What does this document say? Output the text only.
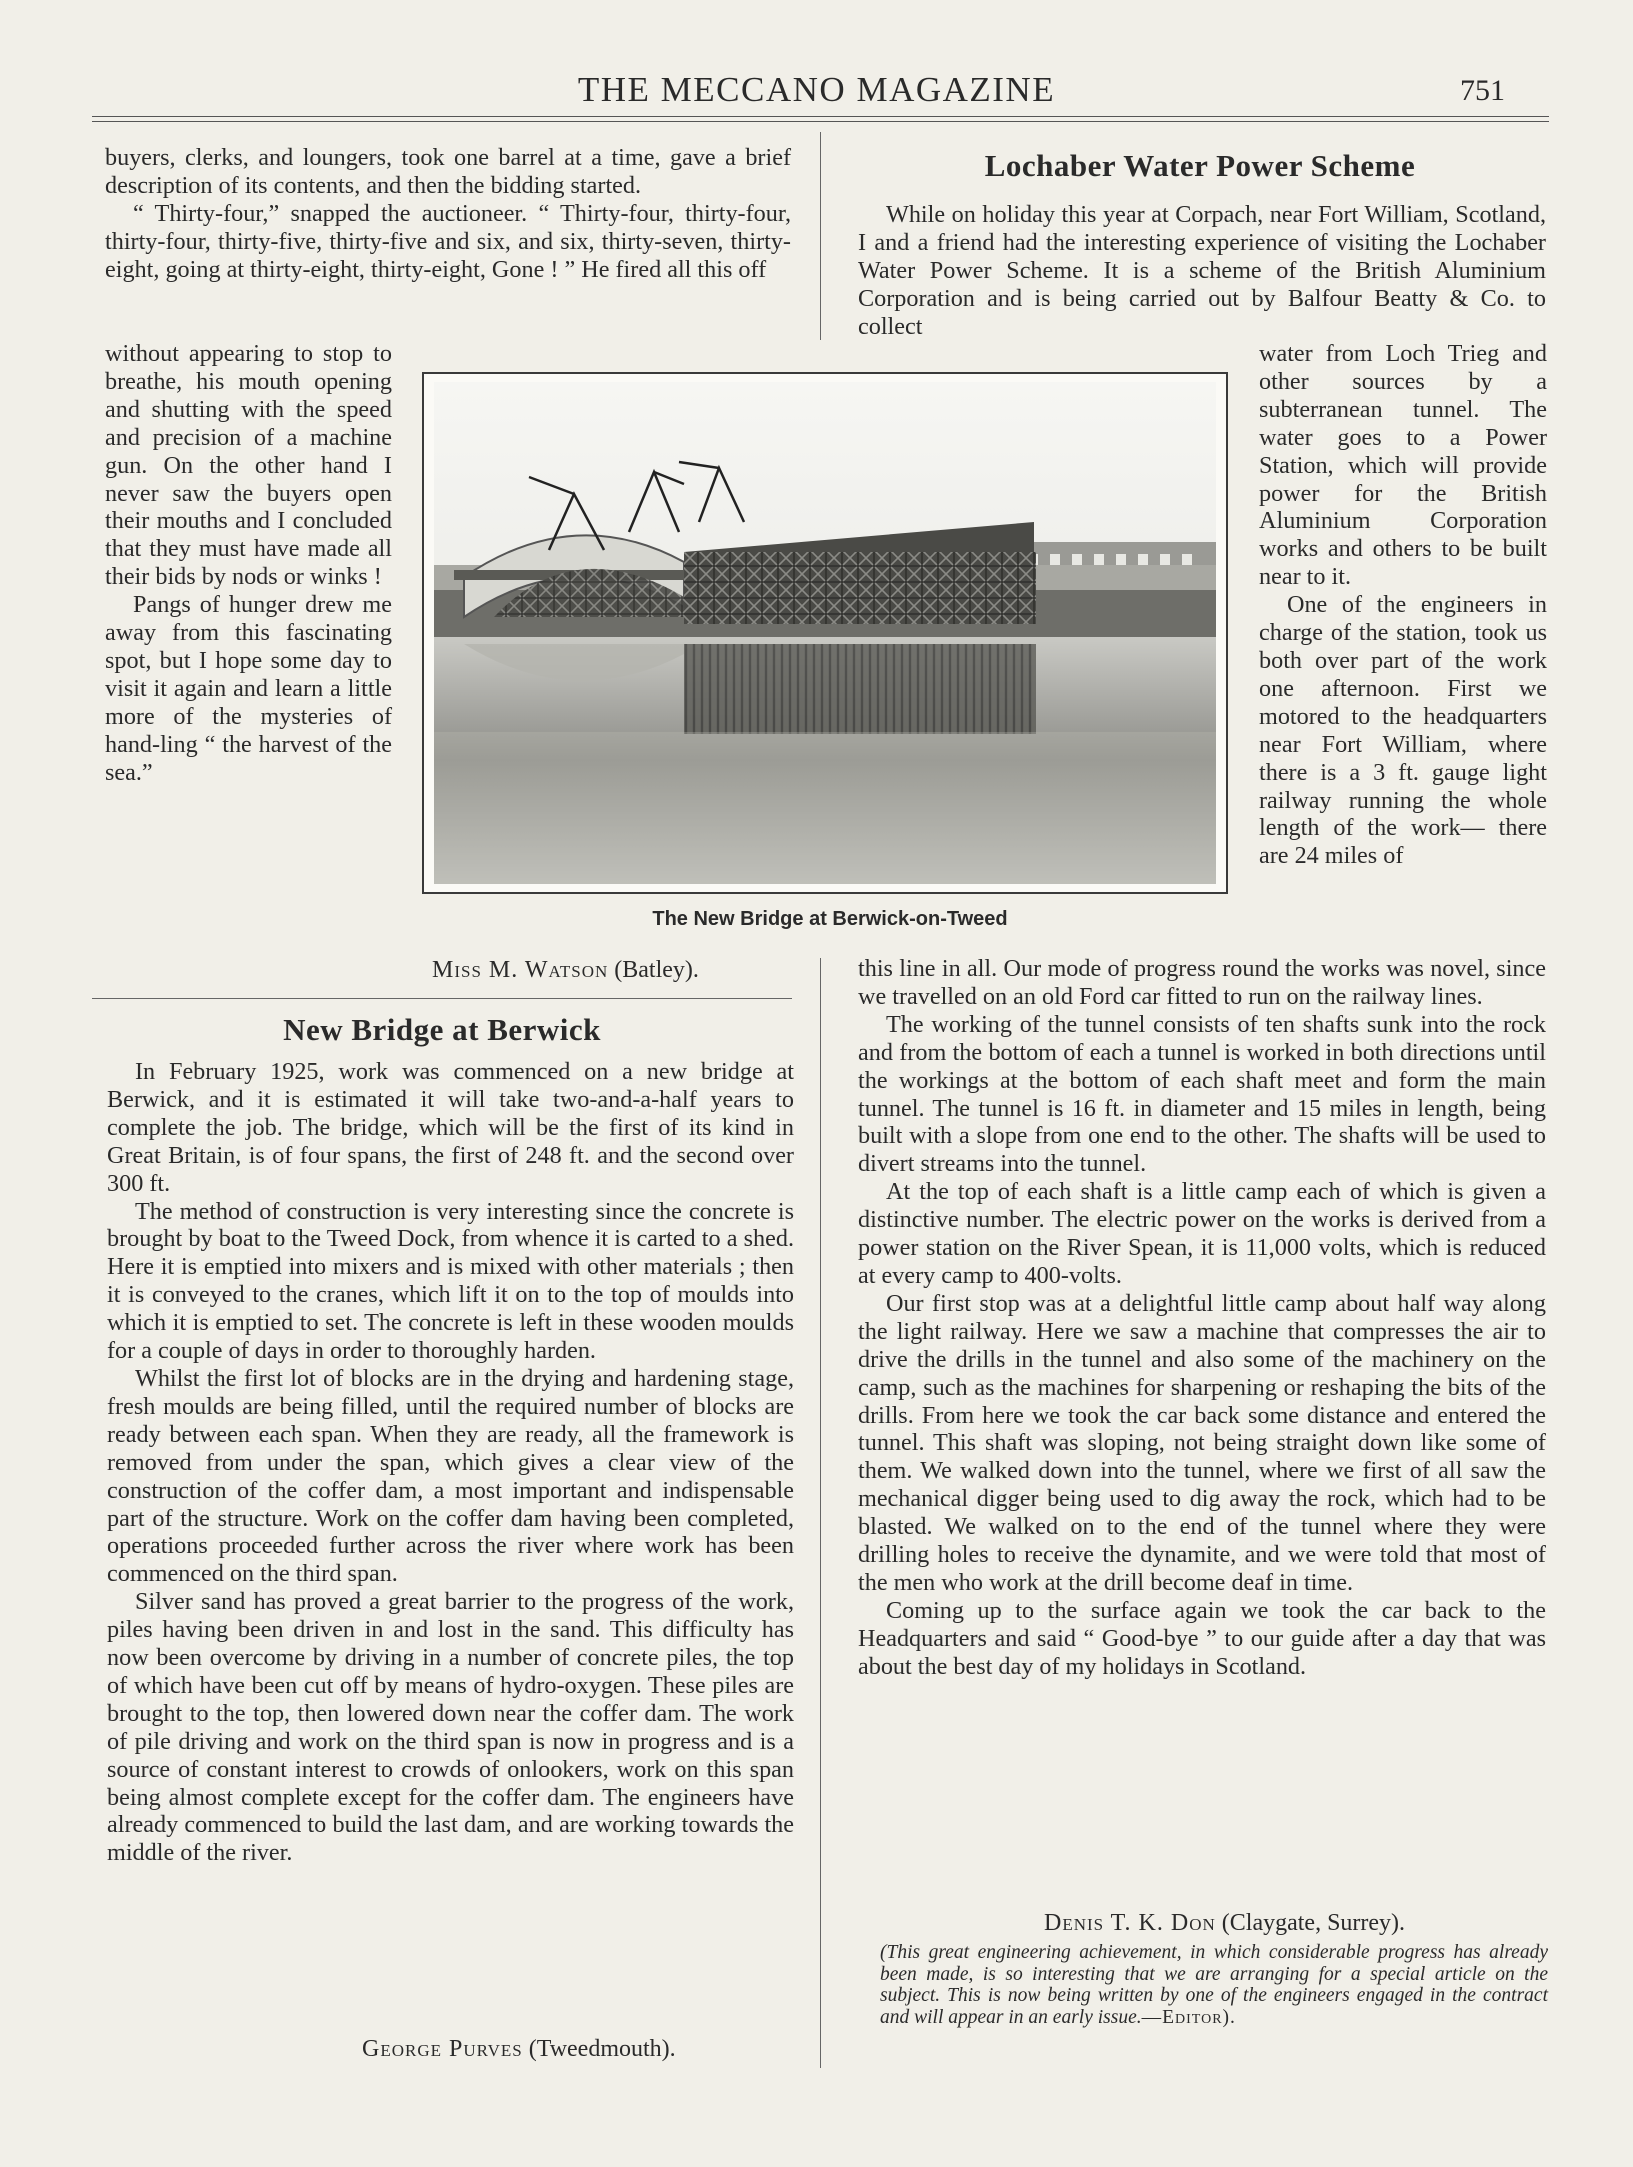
THE MECCANO MAGAZINE	751

buyers, clerks, and loungers, took one barrel at a time, gave a brief description of its contents, and then the bidding started.

“ Thirty-four,” snapped the auctioneer. “ Thirty-four, thirty-four, thirty-four, thirty-five, thirty-five and six, and six, thirty-seven, thirty-eight, going at thirty-eight, thirty-eight, Gone ! ” He fired all this off

without appearing to stop to breathe, his mouth opening and shutting with the speed and precision of a machine gun. On the other hand I never saw the buyers open their mouths and I concluded that they must have made all their bids by nods or winks !

Pangs of hunger drew me away from this fascinating spot, but I hope some day to visit it again and learn a little more of the mysteries of hand-ling “ the harvest of the sea.”

Miss M. Watson (Batley).
New Bridge at Berwick

In February 1925, work was commenced on a new bridge at Berwick, and it is estimated it will take two-and-a-half years to complete the job. The bridge, which will be the first of its kind in Great Britain, is of four spans, the first of 248 ft. and the second over 300 ft.

The method of construction is very interesting since the concrete is brought by boat to the Tweed Dock, from whence it is carted to a shed. Here it is emptied into mixers and is mixed with other materials ; then it is conveyed to the cranes, which lift it on to the top of moulds into which it is emptied to set. The concrete is left in these wooden moulds for a couple of days in order to thoroughly harden.

Whilst the first lot of blocks are in the drying and hardening stage, fresh moulds are being filled, until the required number of blocks are ready between each span. When they are ready, all the framework is removed from under the span, which gives a clear view of the construction of the coffer dam, a most important and indispensable part of the structure. Work on the coffer dam having been completed, operations proceeded further across the river where work has been commenced on the third span.

Silver sand has proved a great barrier to the progress of the work, piles having been driven in and lost in the sand. This difficulty has now been overcome by driving in a number of concrete piles, the top of which have been cut off by means of hydro-oxygen. These piles are brought to the top, then lowered down near the coffer dam. The work of pile driving and work on the third span is now in progress and is a source of constant interest to crowds of onlookers, work on this span being almost complete except for the coffer dam. The engineers have already commenced to build the last dam, and are working towards the middle of the river.

George Purves (Tweedmouth).
Lochaber Water Power Scheme

While on holiday this year at Corpach, near Fort William, Scotland, I and a friend had the interesting experience of visiting the Lochaber Water Power Scheme. It is a scheme of the British Aluminium Corporation and is being carried out by Balfour Beatty & Co. to collect

water from Loch Trieg and other sources by a subterranean tunnel. The water goes to a Power Station, which will provide power for the British Aluminium Corporation works and others to be built near to it.

One of the engineers in charge of the station, took us both over part of the work one afternoon. First we motored to the headquarters near Fort William, where there is a 3 ft. gauge light railway running the whole length of the work— there are 24 miles of

this line in all. Our mode of progress round the works was novel, since we travelled on an old Ford car fitted to run on the railway lines.

The working of the tunnel consists of ten shafts sunk into the rock and from the bottom of each a tunnel is worked in both directions until the workings at the bottom of each shaft meet and form the main tunnel. The tunnel is 16 ft. in diameter and 15 miles in length, being built with a slope from one end to the other. The shafts will be used to divert streams into the tunnel.

At the top of each shaft is a little camp each of which is given a distinctive number. The electric power on the works is derived from a power station on the River Spean, it is 11,000 volts, which is reduced at every camp to 400-volts.

Our first stop was at a delightful little camp about half way along the light railway. Here we saw a machine that compresses the air to drive the drills in the tunnel and also some of the machinery on the camp, such as the machines for sharpening or reshaping the bits of the drills. From here we took the car back some distance and entered the tunnel. This shaft was sloping, not being straight down like some of them. We walked down into the tunnel, where we first of all saw the mechanical digger being used to dig away the rock, which had to be blasted. We walked on to the end of the tunnel where they were drilling holes to receive the dynamite, and we were told that most of the men who work at the drill become deaf in time.

Coming up to the surface again we took the car back to the Headquarters and said “ Good-bye ” to our guide after a day that was about the best day of my holidays in Scotland.

Denis T. K. Don (Claygate, Surrey).
(This great engineering achievement, in which considerable progress has already been made, is so interesting that we are arranging for a special article on the subject. This is now being written by one of the engineers engaged in the contract and will appear in an early issue.—Editor).
The New Bridge at Berwick-on-Tweed
